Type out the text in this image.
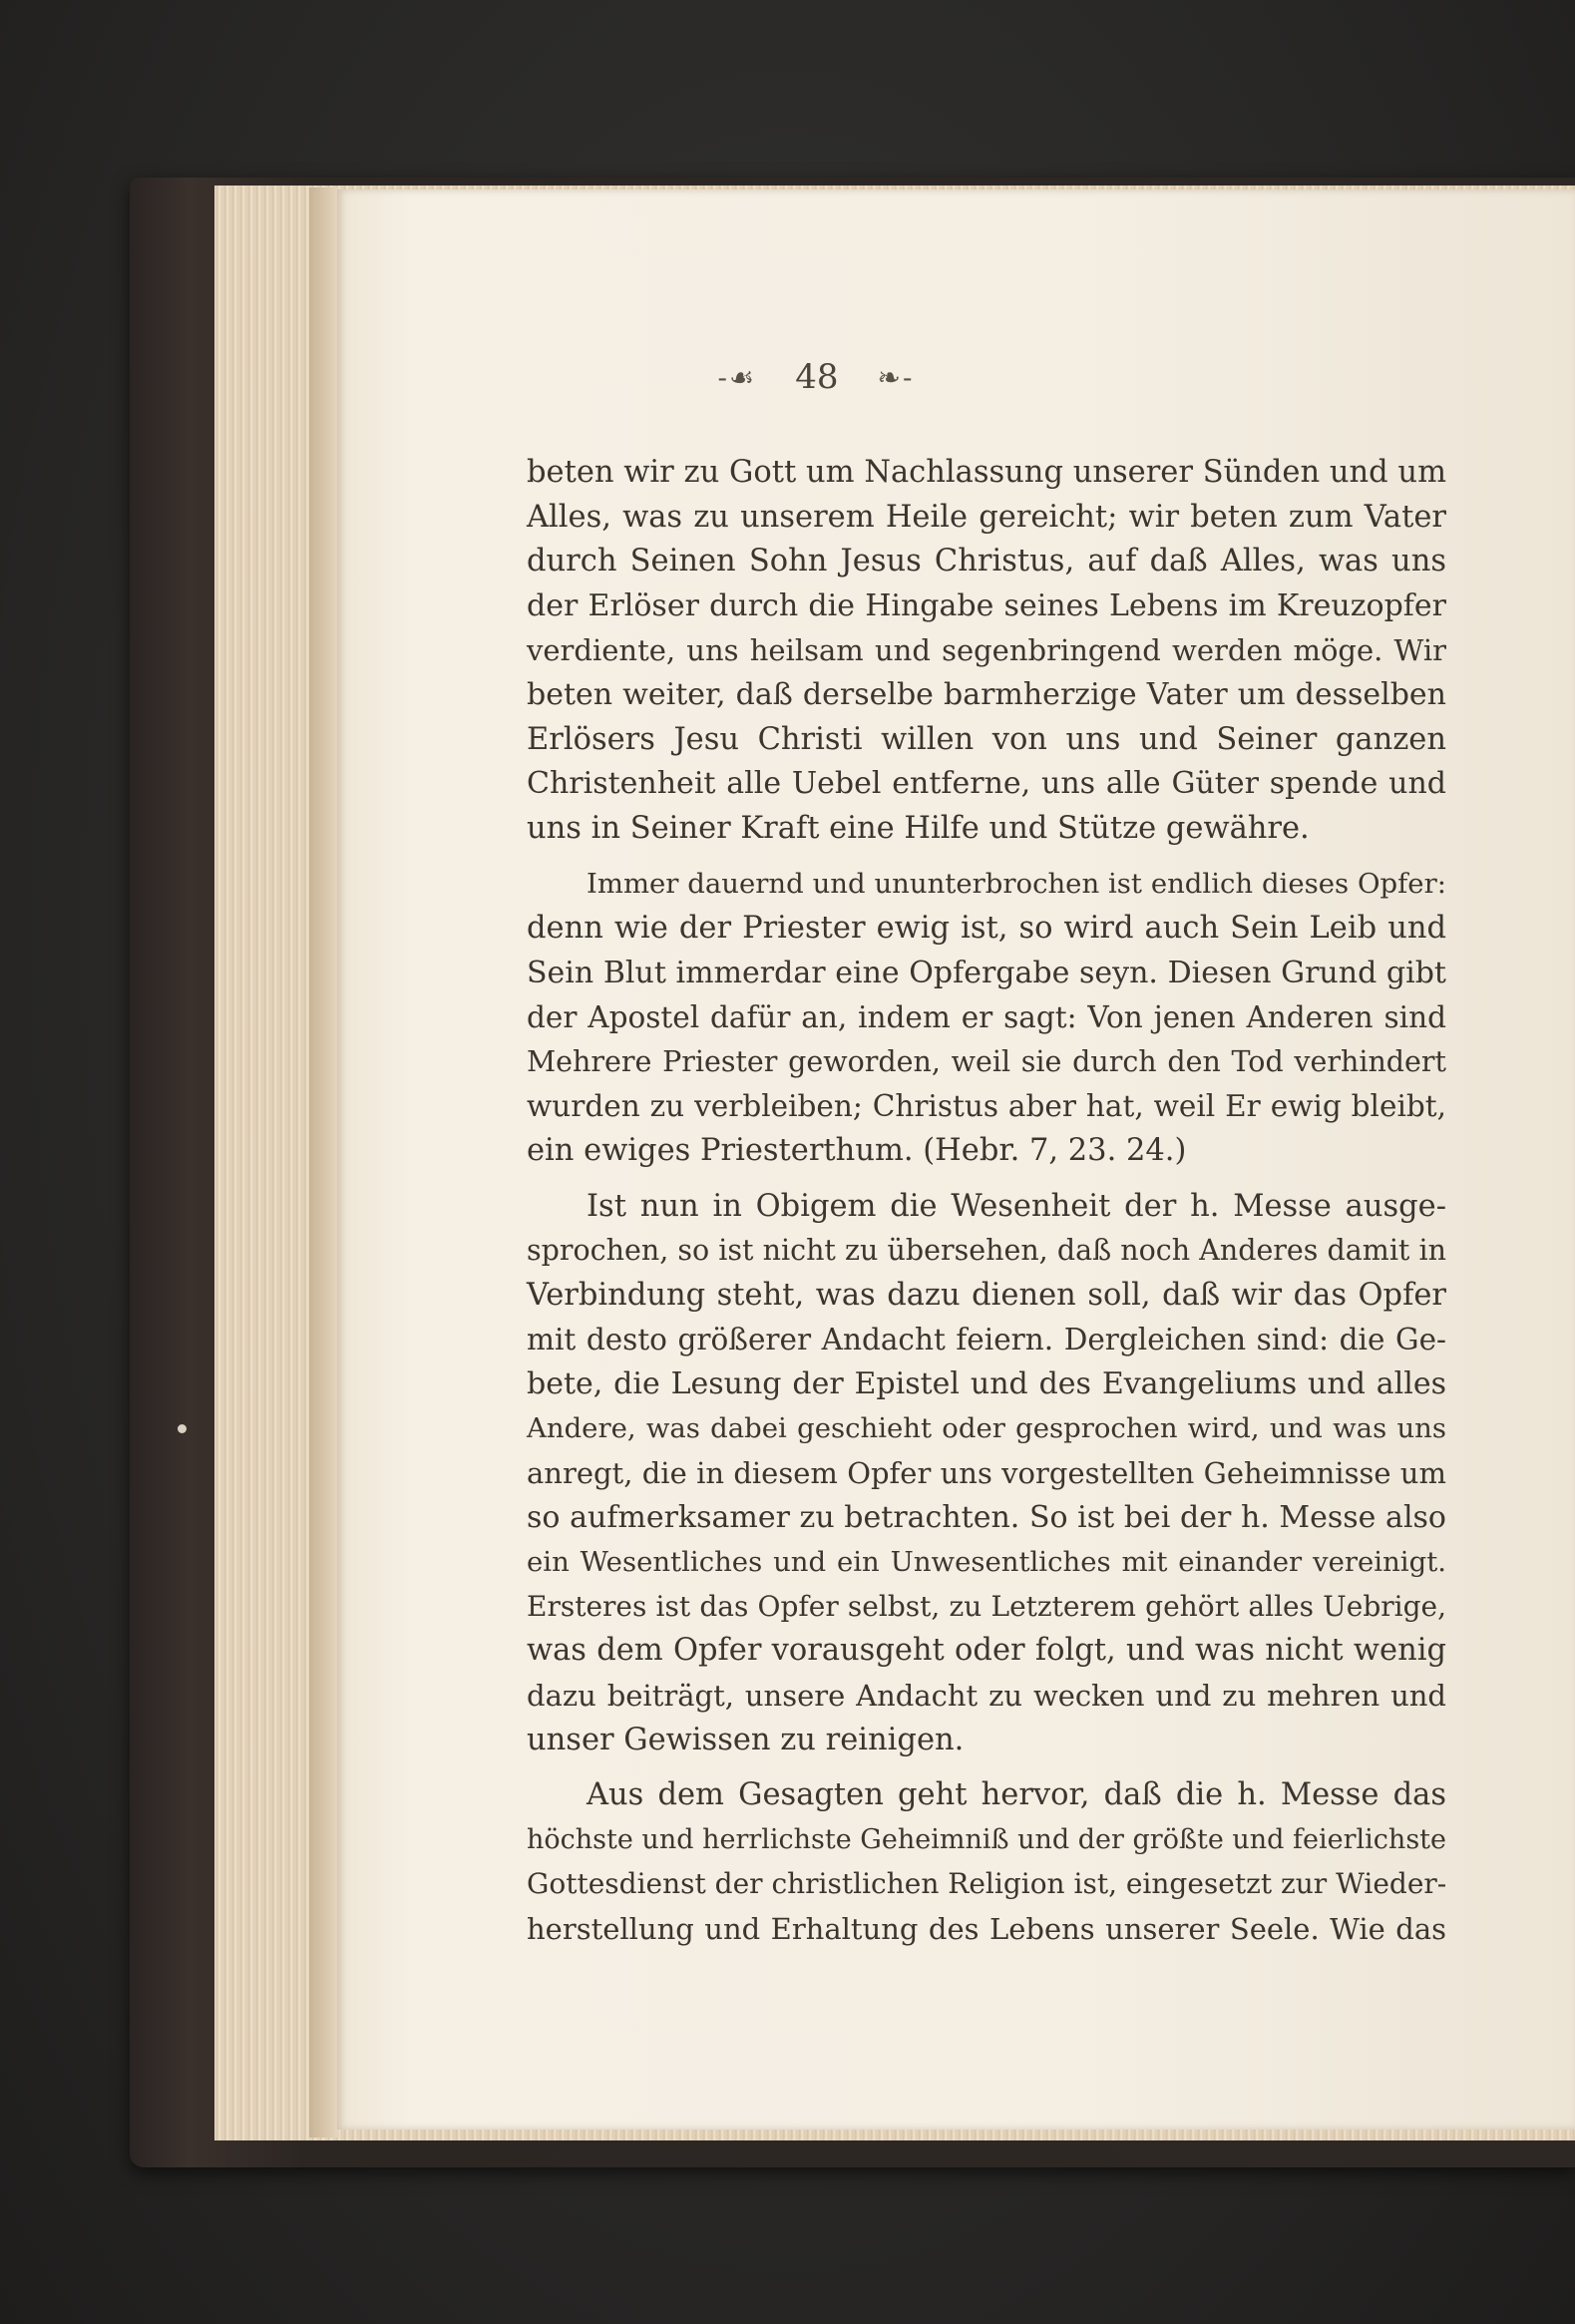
-☙ 48 ❧-
beten wir zu Gott um Nachlassung unserer Sünden und um
Alles, was zu unserem Heile gereicht; wir beten zum Vater
durch Seinen Sohn Jesus Christus, auf daß Alles, was uns
der Erlöser durch die Hingabe seines Lebens im Kreuzopfer
verdiente, uns heilsam und segenbringend werden möge. Wir
beten weiter, daß derselbe barmherzige Vater um desselben
Erlösers Jesu Christi willen von uns und Seiner ganzen
Christenheit alle Uebel entferne, uns alle Güter spende und
uns in Seiner Kraft eine Hilfe und Stütze gewähre.
Immer dauernd und ununterbrochen ist endlich dieses Opfer:
denn wie der Priester ewig ist, so wird auch Sein Leib und
Sein Blut immerdar eine Opfergabe seyn. Diesen Grund gibt
der Apostel dafür an, indem er sagt: Von jenen Anderen sind
Mehrere Priester geworden, weil sie durch den Tod verhindert
wurden zu verbleiben; Christus aber hat, weil Er ewig bleibt,
ein ewiges Priesterthum. (Hebr. 7, 23. 24.)
Ist nun in Obigem die Wesenheit der h. Messe ausge-
sprochen, so ist nicht zu übersehen, daß noch Anderes damit in
Verbindung steht, was dazu dienen soll, daß wir das Opfer
mit desto größerer Andacht feiern. Dergleichen sind: die Ge-
bete, die Lesung der Epistel und des Evangeliums und alles
Andere, was dabei geschieht oder gesprochen wird, und was uns
anregt, die in diesem Opfer uns vorgestellten Geheimnisse um
so aufmerksamer zu betrachten. So ist bei der h. Messe also
ein Wesentliches und ein Unwesentliches mit einander vereinigt.
Ersteres ist das Opfer selbst, zu Letzterem gehört alles Uebrige,
was dem Opfer vorausgeht oder folgt, und was nicht wenig
dazu beiträgt, unsere Andacht zu wecken und zu mehren und
unser Gewissen zu reinigen.
Aus dem Gesagten geht hervor, daß die h. Messe das
höchste und herrlichste Geheimniß und der größte und feierlichste
Gottesdienst der christlichen Religion ist, eingesetzt zur Wieder-
herstellung und Erhaltung des Lebens unserer Seele. Wie das
